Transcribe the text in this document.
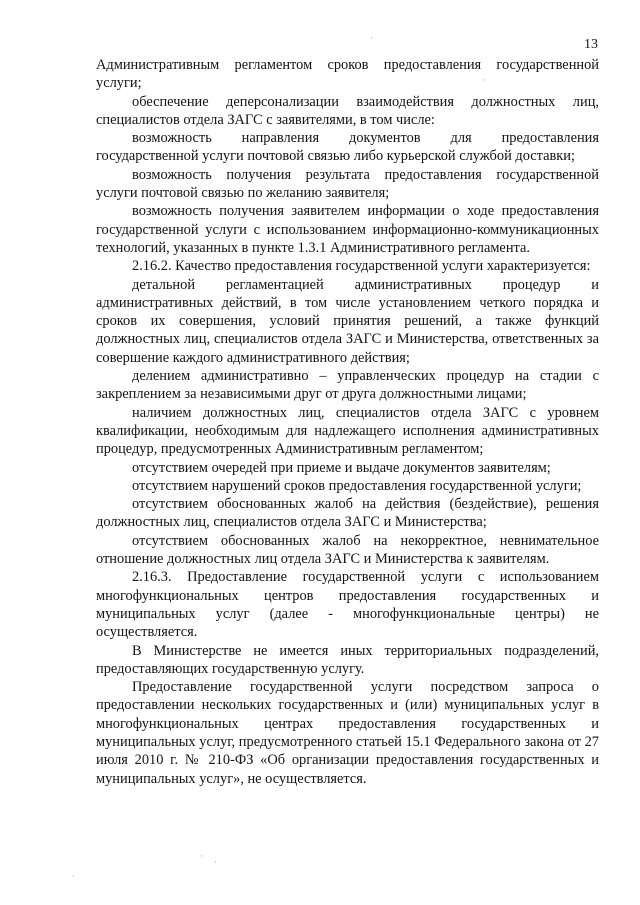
13

Административным регламентом сроков предоставления государственной услуги;

обеспечение деперсонализации взаимодействия должностных лиц, специалистов отдела ЗАГС с заявителями, в том числе:

возможность направления документов для предоставления государственной услуги почтовой связью либо курьерской службой доставки;

возможность получения результата предоставления государственной услуги почтовой связью по желанию заявителя;

возможность получения заявителем информации о ходе предоставления государственной услуги с использованием информационно-коммуникационных технологий, указанных в пункте 1.3.1 Административного регламента.

2.16.2. Качество предоставления государственной услуги характеризуется:

детальной регламентацией административных процедур и административных действий, в том числе установлением четкого порядка и сроков их совершения, условий принятия решений, а также функций должностных лиц, специалистов отдела ЗАГС и Министерства, ответственных за совершение каждого административного действия;

делением административно – управленческих процедур на стадии с закреплением за независимыми друг от друга должностными лицами;

наличием должностных лиц, специалистов отдела ЗАГС с уровнем квалификации, необходимым для надлежащего исполнения административных процедур, предусмотренных Административным регламентом;

отсутствием очередей при приеме и выдаче документов заявителям;

отсутствием нарушений сроков предоставления государственной услуги;

отсутствием обоснованных жалоб на действия (бездействие), решения должностных лиц, специалистов отдела ЗАГС и Министерства;

отсутствием обоснованных жалоб на некорректное, невнимательное отношение должностных лиц отдела ЗАГС и Министерства к заявителям.

2.16.3. Предоставление государственной услуги с использованием многофункциональных центров предоставления государственных и муниципальных услуг (далее - многофункциональные центры) не осуществляется.

В Министерстве не имеется иных территориальных подразделений, предоставляющих государственную услугу.

Предоставление государственной услуги посредством запроса о предоставлении нескольких государственных и (или) муниципальных услуг в многофункциональных центрах предоставления государственных и муниципальных услуг, предусмотренного статьей 15.1 Федерального закона от 27 июля 2010 г. № 210-ФЗ «Об организации предоставления государственных и муниципальных услуг», не осуществляется.

·
·
·
·
·
